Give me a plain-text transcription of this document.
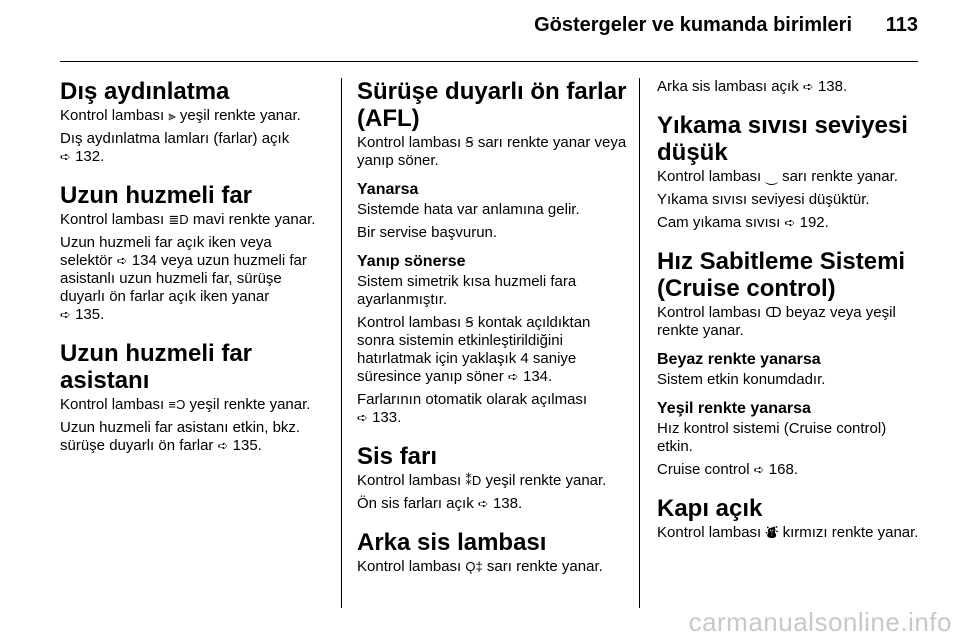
Göstergeler ve kumanda birimleri 113
Dış aydınlatma

Kontrol lambası ⫸ yeşil renkte yanar.

Dış aydınlatma lamları (farlar) açık
➪ 132.

Uzun huzmeli far

Kontrol lambası ≣D mavi renkte yanar.

Uzun huzmeli far açık iken veya selektör ➪ 134 veya uzun huzmeli far asistanlı uzun huzmeli far, sürüşe duyarlı ön farlar açık iken yanar
➪ 135.

Uzun huzmeli far asistanı

Kontrol lambası ≡Ɔ yeşil renkte yanar.

Uzun huzmeli far asistanı etkin, bkz. sürüşe duyarlı ön farlar ➪ 135.

Sürüşe duyarlı ön farlar (AFL)

Kontrol lambası Ꞩ sarı renkte yanar veya yanıp söner.

Yanarsa

Sistemde hata var anlamına gelir.

Bir servise başvurun.

Yanıp sönerse

Sistem simetrik kısa huzmeli fara ayarlanmıştır.

Kontrol lambası Ꞩ kontak açıldıktan sonra sistemin etkinleştirildiğini hatırlatmak için yaklaşık 4 saniye süresince yanıp söner ➪ 134.

Farlarının otomatik olarak açılması
➪ 133.

Sis farı

Kontrol lambası ⁑D yeşil renkte yanar.

Ön sis farları açık ➪ 138.

Arka sis lambası

Kontrol lambası Ǫ‡ sarı renkte yanar.

Arka sis lambası açık ➪ 138.

Yıkama sıvısı seviyesi düşük

Kontrol lambası ⏝ sarı renkte yanar.

Yıkama sıvısı seviyesi düşüktür.

Cam yıkama sıvısı ➪ 192.

Hız Sabitleme Sistemi (Cruise control)

Kontrol lambası ↀ beyaz veya yeşil renkte yanar.

Beyaz renkte yanarsa

Sistem etkin konumdadır.

Yeşil renkte yanarsa

Hız kontrol sistemi (Cruise control) etkin.

Cruise control ➪ 168.

Kapı açık

Kontrol lambası ⛇ kırmızı renkte yanar.

carmanualsonline.info
